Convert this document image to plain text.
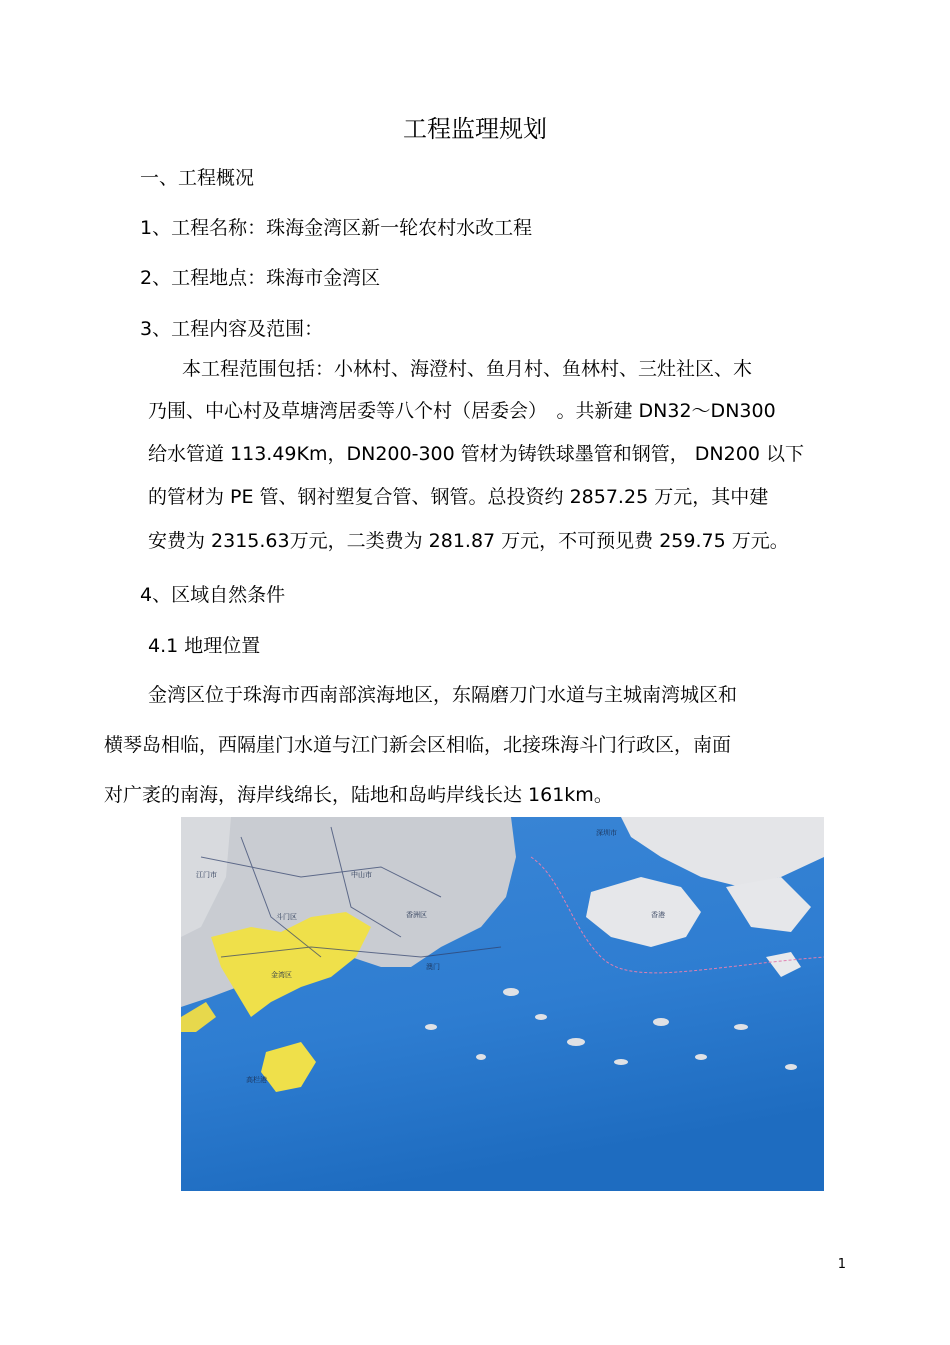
工程监理规划
一、工程概况
1、工程名称：珠海金湾区新一轮农村水改工程
2、工程地点：珠海市金湾区
3、工程内容及范围：
本工程范围包括：小林村、海澄村、鱼月村、鱼林村、三灶社区、木
乃围、中心村及草塘湾居委等八个村（居委会）　。共新建 DN32～DN300
给水管道 113.49Km，DN200-300 管材为铸铁球墨管和钢管， DN200 以下
的管材为 PE 管、钢衬塑复合管、钢管。总投资约 2857.25 万元，其中建
安费为 2315.63万元，二类费为 281.87 万元，不可预见费 259.75 万元。
4、区域自然条件
4.1 地理位置
金湾区位于珠海市西南部滨海地区，东隔磨刀门水道与主城南湾城区和
横琴岛相临，西隔崖门水道与江门新会区相临，北接珠海斗门行政区，南面
对广袤的南海，海岸线绵长，陆地和岛屿岸线长达 161km。
江门市
斗门区	香洲区
金湾区
中山市
澳门
香港
高栏港
深圳市
1
